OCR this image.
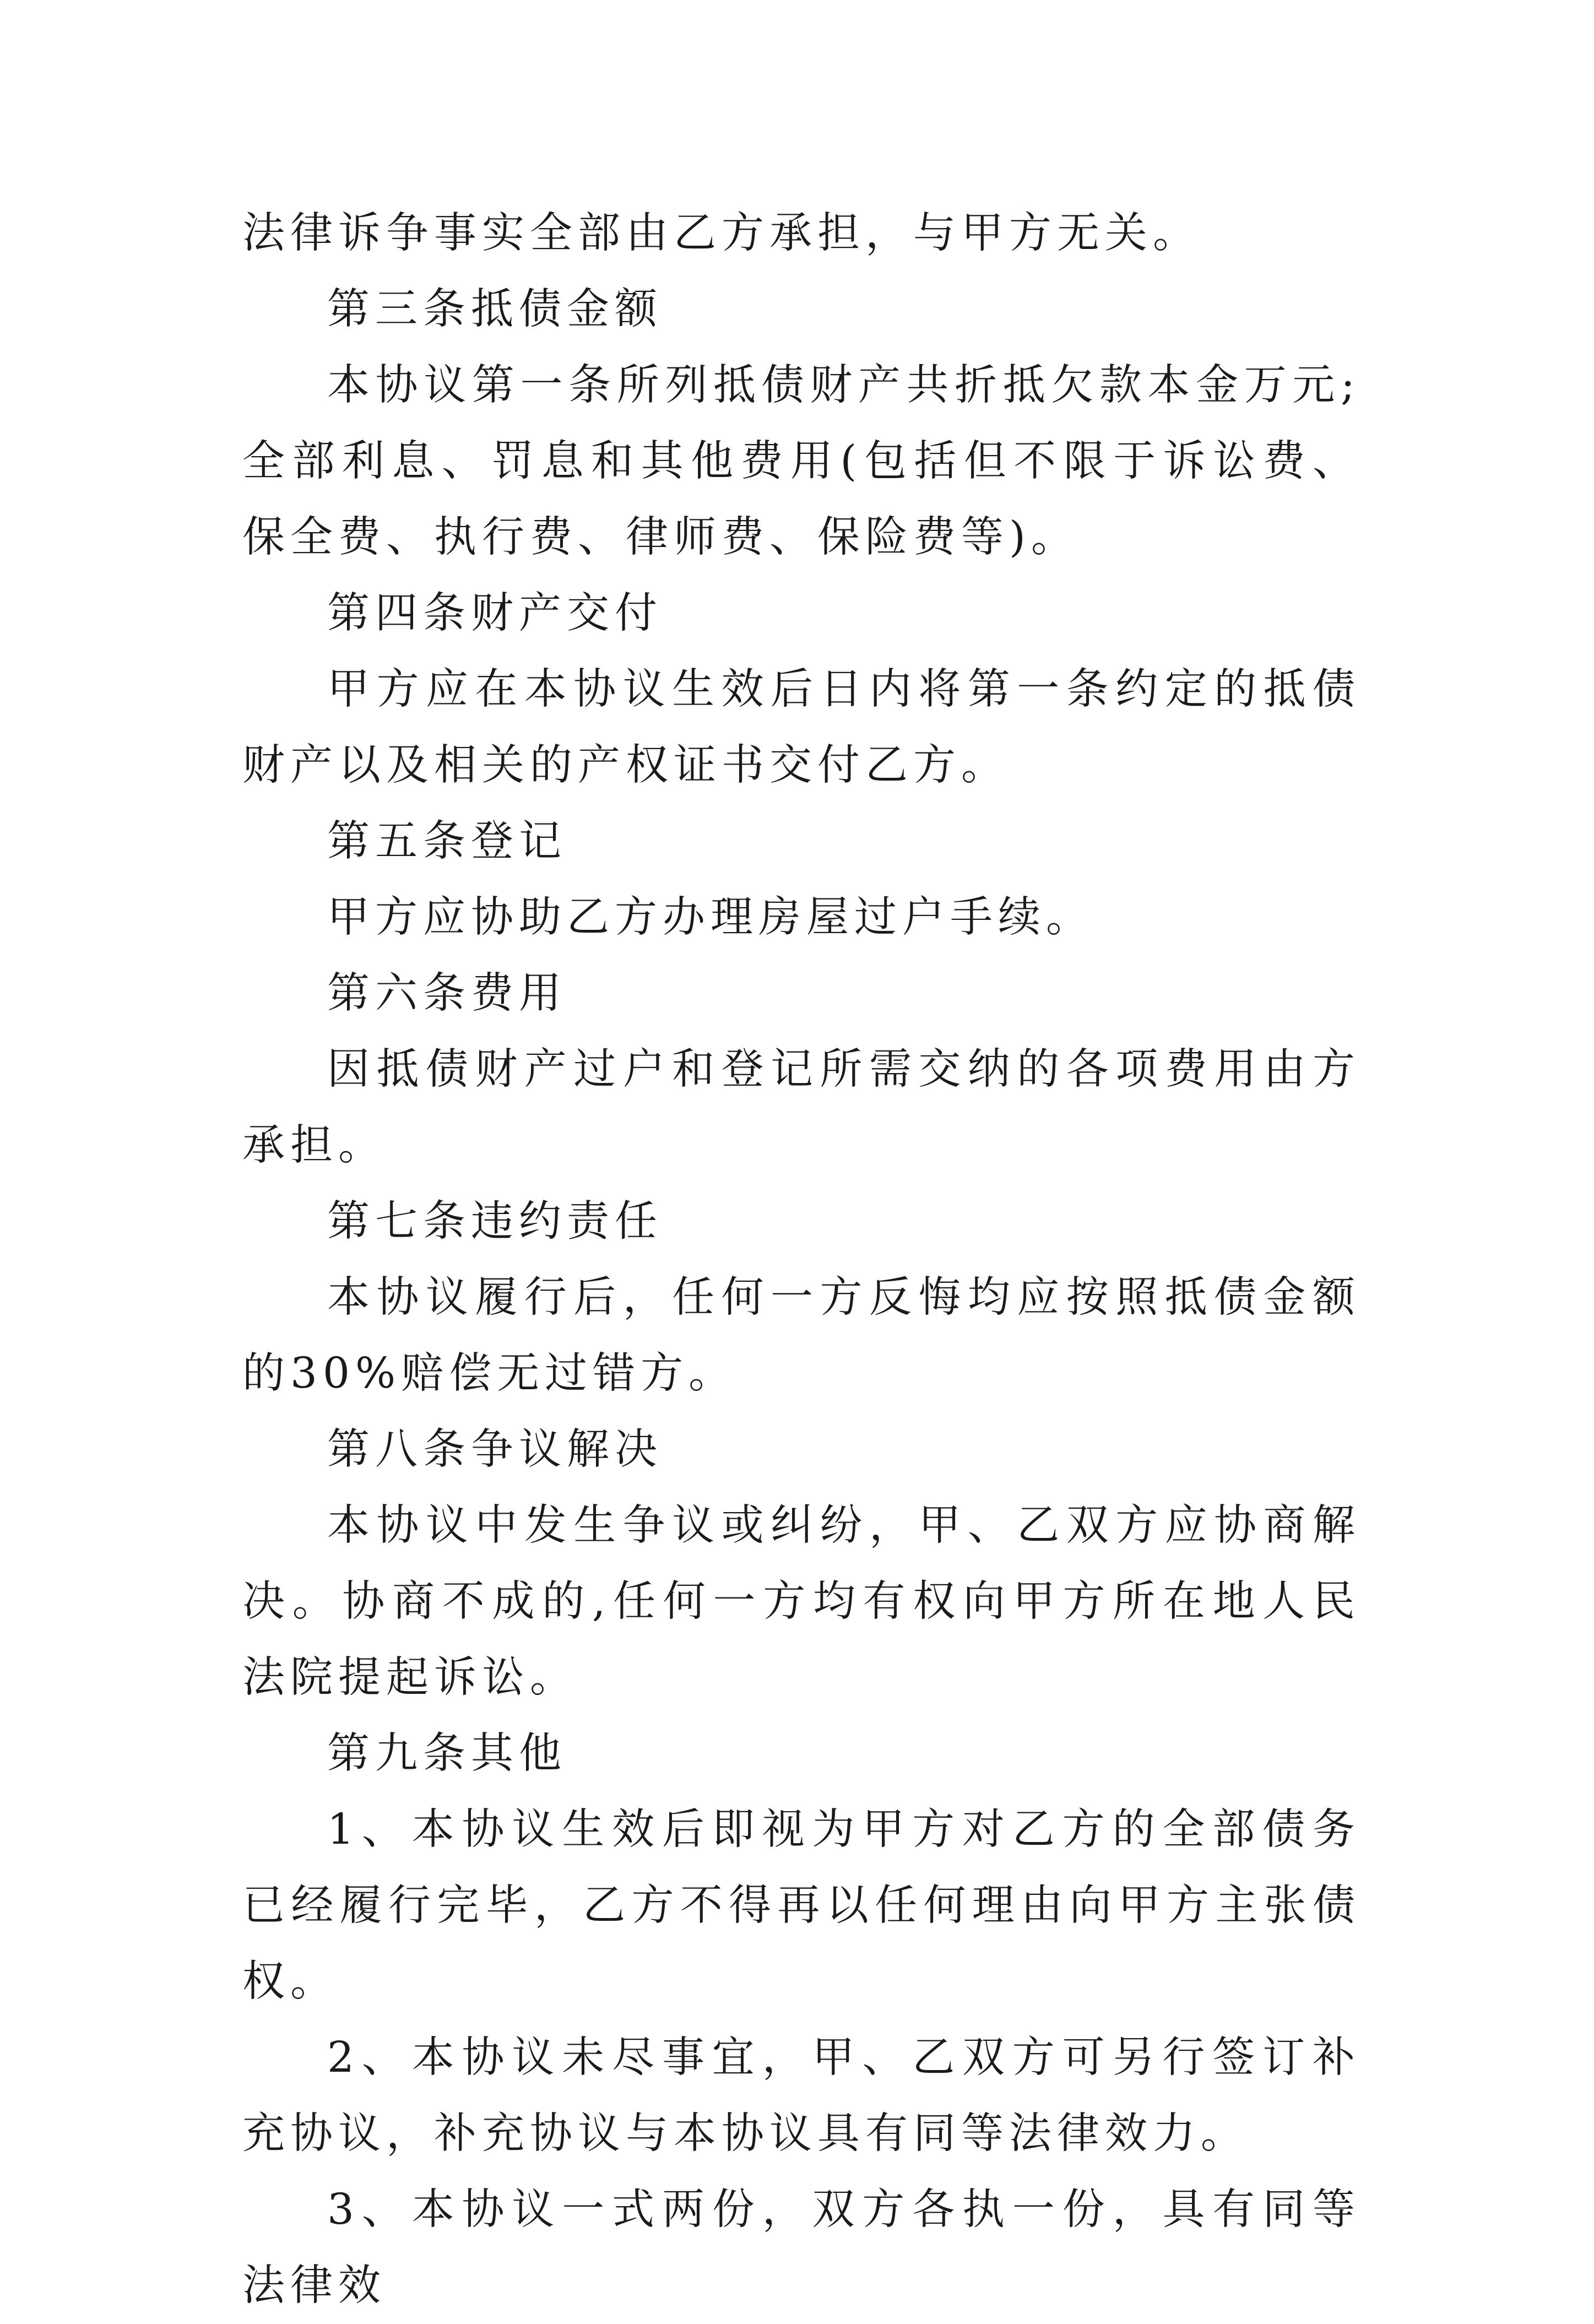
法律诉争事实全部由乙方承担，与甲方无关。

第三条抵债金额

本协议第一条所列抵债财产共折抵欠款本金万元;全部利息、罚息和其他费用(包括但不限于诉讼费、保全费、执行费、律师费、保险费等)。

第四条财产交付

甲方应在本协议生效后日内将第一条约定的抵债财产以及相关的产权证书交付乙方。

第五条登记

甲方应协助乙方办理房屋过户手续。

第六条费用

因抵债财产过户和登记所需交纳的各项费用由方承担。

第七条违约责任

本协议履行后，任何一方反悔均应按照抵债金额的30%赔偿无过错方。

第八条争议解决

本协议中发生争议或纠纷，甲、乙双方应协商解决。协商不成的,任何一方均有权向甲方所在地人民法院提起诉讼。

第九条其他

1、本协议生效后即视为甲方对乙方的全部债务已经履行完毕，乙方不得再以任何理由向甲方主张债权。

2、本协议未尽事宜，甲、乙双方可另行签订补充协议，补充协议与本协议具有同等法律效力。

3、本协议一式两份，双方各执一份，具有同等法律效
